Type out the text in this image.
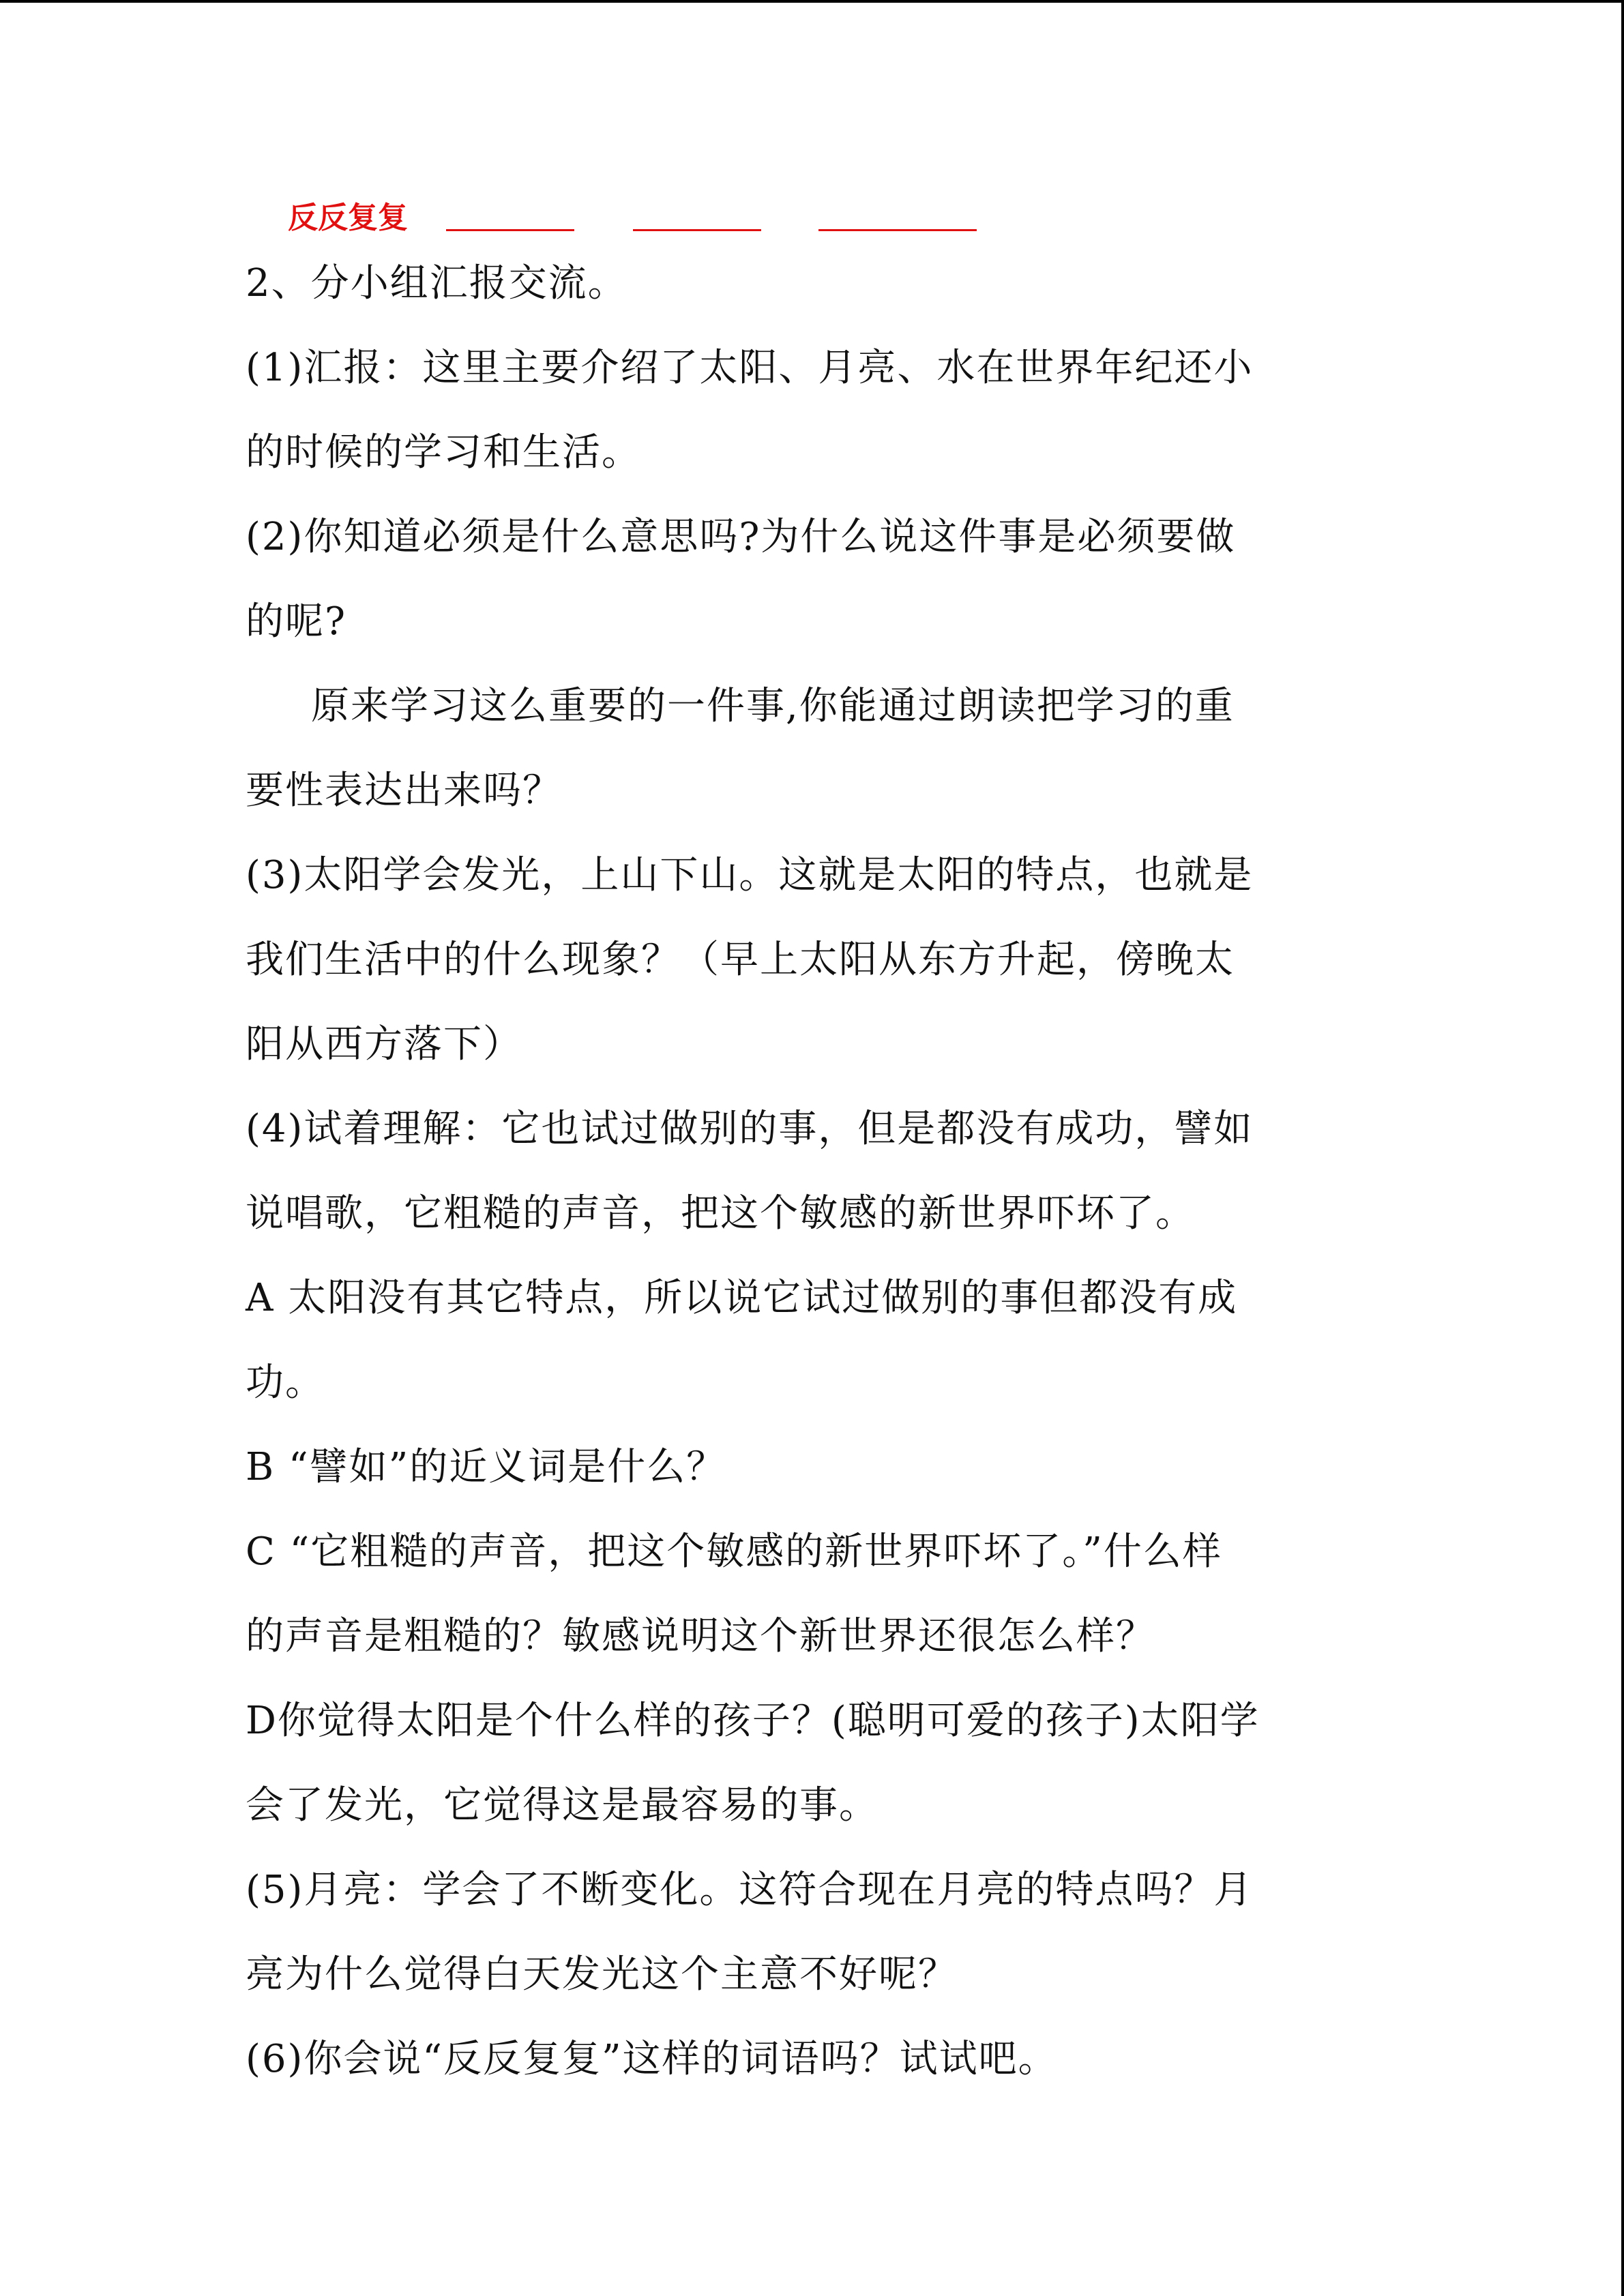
反反复复
2、分小组汇报交流。
(1)汇报：这里主要介绍了太阳、月亮、水在世界年纪还小
的时候的学习和生活。
(2)你知道必须是什么意思吗?为什么说这件事是必须要做
的呢?
原来学习这么重要的一件事,你能通过朗读把学习的重
要性表达出来吗？
(3)太阳学会发光，上山下山。这就是太阳的特点，也就是
我们生活中的什么现象？（早上太阳从东方升起，傍晚太
阳从西方落下）
(4)试着理解：它也试过做别的事，但是都没有成功，譬如
说唱歌，它粗糙的声音，把这个敏感的新世界吓坏了。
A 太阳没有其它特点，所以说它试过做别的事但都没有成
功。
B “譬如”的近义词是什么？
C “它粗糙的声音，把这个敏感的新世界吓坏了。”什么样
的声音是粗糙的？敏感说明这个新世界还很怎么样？
D你觉得太阳是个什么样的孩子？(聪明可爱的孩子)太阳学
会了发光，它觉得这是最容易的事。
(5)月亮：学会了不断变化。这符合现在月亮的特点吗？月
亮为什么觉得白天发光这个主意不好呢？
(6)你会说“反反复复”这样的词语吗？试试吧。
